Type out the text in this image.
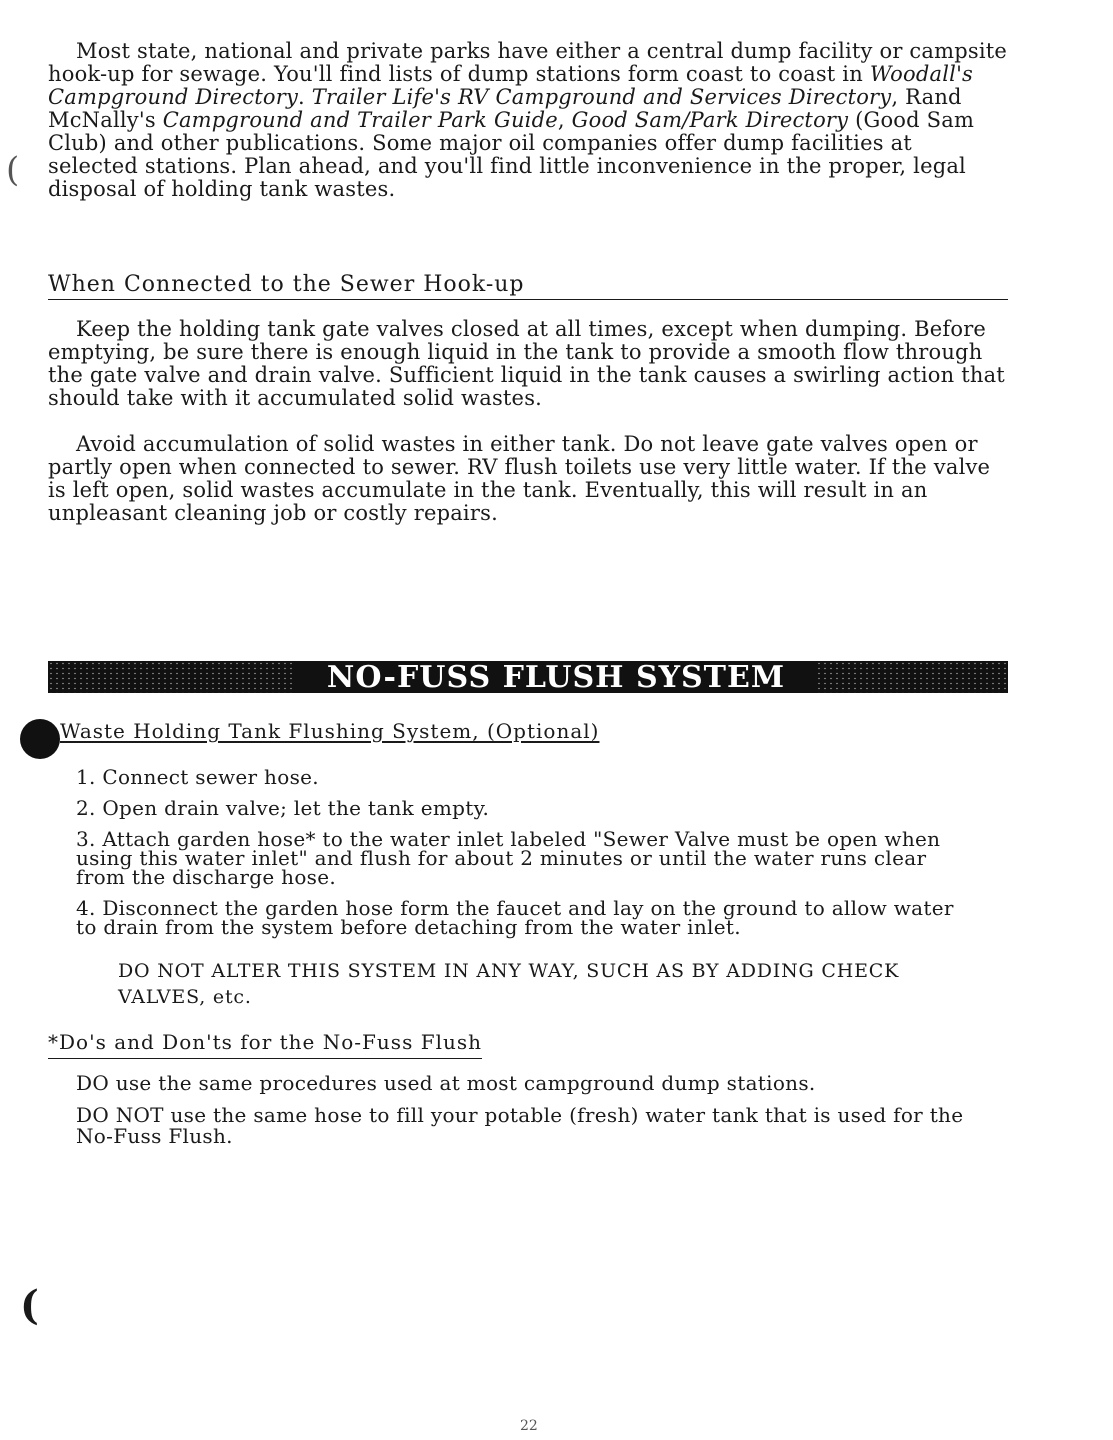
(

Most state, national and private parks have either a central dump facility or campsite hook-up for sewage. You'll find lists of dump stations form coast to coast in Woodall's Campground Directory. Trailer Life's RV Campground and Services Directory, Rand McNally's Campground and Trailer Park Guide, Good Sam/Park Directory (Good Sam Club) and other publications. Some major oil companies offer dump facilities at selected stations. Plan ahead, and you'll find little inconvenience in the proper, legal disposal of holding tank wastes.

When Connected to the Sewer Hook-up

Keep the holding tank gate valves closed at all times, except when dumping. Before emptying, be sure there is enough liquid in the tank to provide a smooth flow through the gate valve and drain valve. Sufficient liquid in the tank causes a swirling action that should take with it accumulated solid wastes.

Avoid accumulation of solid wastes in either tank. Do not leave gate valves open or partly open when connected to sewer. RV flush toilets use very little water. If the valve is left open, solid wastes accumulate in the tank. Eventually, this will result in an unpleasant cleaning job or costly repairs.

NO-FUSS FLUSH SYSTEM
Waste Holding Tank Flushing System, (Optional)
1. Connect sewer hose.
2. Open drain valve; let the tank empty.
3. Attach garden hose* to the water inlet labeled "Sewer Valve must be open when using this water inlet" and flush for about 2 minutes or until the water runs clear from the discharge hose.
4. Disconnect the garden hose form the faucet and lay on the ground to allow water to drain from the system before detaching from the water inlet.
DO NOT ALTER THIS SYSTEM IN ANY WAY, SUCH AS BY ADDING CHECK VALVES, etc.
*Do's and Don'ts for the No-Fuss Flush
DO use the same procedures used at most campground dump stations.
DO NOT use the same hose to fill your potable (fresh) water tank that is used for the No-Fuss Flush.
(
22
